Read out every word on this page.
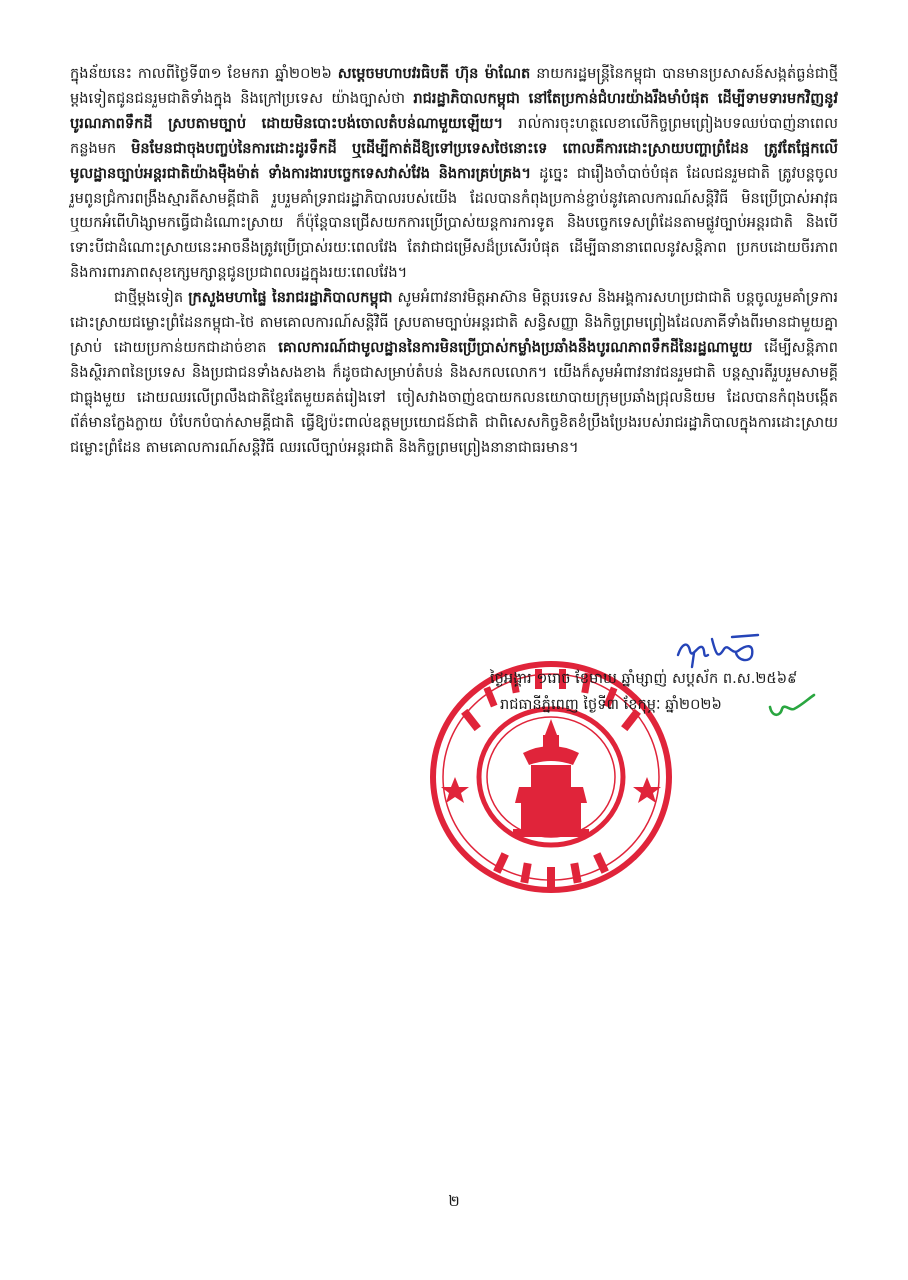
ក្នុងន័យនេះ កាលពីថ្ងៃទី៣១ ខែមករា ឆ្នាំ២០២៦ សម្ដេចមហាបវរធិបតី ហ៊ុន ម៉ាណែត នាយករដ្ឋមន្ត្រីនៃកម្ពុជា បានមានប្រសាសន៍សង្កត់ធ្ងន់ជាថ្មីម្ដងទៀតជូនជនរួមជាតិទាំងក្នុង និងក្រៅប្រទេស យ៉ាងច្បាស់ថា រាជរដ្ឋាភិបាលកម្ពុជា នៅតែប្រកាន់ជំហរយ៉ាងរឹងមាំបំផុត ដើម្បីទាមទារមកវិញនូវបូរណភាពទឹកដី ស្របតាមច្បាប់ ដោយមិនបោះបង់ចោលតំបន់ណាមួយឡើយ។ រាល់ការចុះហត្ថលេខាលើកិច្ចព្រមព្រៀងបទឈប់បាញ់នាពេលកន្លងមក មិនមែនជាចុងបញ្ចប់នៃការដោះដូរទឹកដី ឬដើម្បីកាត់ដីឱ្យទៅប្រទេសថៃនោះទេ ពោលគឺការដោះស្រាយបញ្ហាព្រំដែន ត្រូវតែផ្អែកលើមូលដ្ឋានច្បាប់អន្តរជាតិយ៉ាងម៉ឺងម៉ាត់ ទាំងការងារបច្ចេកទេសវាស់វែង និងការគ្រប់គ្រង។ ដូច្នេះ ជារឿងចាំបាច់បំផុត ដែលជនរួមជាតិ ត្រូវបន្តចូលរួមពូនជ្រំការពង្រឹងស្មារតីសាមគ្គីជាតិ រួបរួមគាំទ្ររាជរដ្ឋាភិបាលរបស់យើង ដែលបានកំពុងប្រកាន់ខ្ជាប់នូវគោលការណ៍សន្តិវិធី មិនប្រើប្រាស់អាវុធ ឬយកអំពើហិង្សាមកធ្វើជាដំណោះស្រាយ ក៏ប៉ុន្តែបានជ្រើសយកការប្រើប្រាស់យន្តការការទូត និងបច្ចេកទេសព្រំដែនតាមផ្លូវច្បាប់អន្តរជាតិ និងបើទោះបីជាដំណោះស្រាយនេះអាចនឹងត្រូវប្រើប្រាស់រយៈពេលវែង តែវាជាជម្រើសដ៏ប្រសើរបំផុត ដើម្បីធានានាពេលនូវសន្តិភាព ប្រកបដោយចីរភាព និងការពារភាពសុខក្សេមក្សាន្តជូនប្រជាពលរដ្ឋក្នុងរយៈពេលវែង។

ជាថ្មីម្ដងទៀត ក្រសួងមហាផ្ទៃ នៃរាជរដ្ឋាភិបាលកម្ពុជា សូមអំពាវនាវមិត្តអាស៊ាន មិត្តបរទេស និងអង្គការសហប្រជាជាតិ បន្តចូលរួមគាំទ្រការដោះស្រាយជម្លោះព្រំដែនកម្ពុជា-ថៃ តាមគោលការណ៍សន្តិវិធី ស្របតាមច្បាប់អន្តរជាតិ សន្ធិសញ្ញា និងកិច្ចព្រមព្រៀងដែលភាគីទាំងពីរមានជាមួយគ្នាស្រាប់ ដោយប្រកាន់យកជាដាច់ខាត គោលការណ៍ជាមូលដ្ឋាននៃការមិនប្រើប្រាស់កម្លាំងប្រឆាំងនឹងបូរណភាពទឹកដីនៃរដ្ឋណាមួយ ដើម្បីសន្តិភាព និងស្ថិរភាពនៃប្រទេស និងប្រជាជនទាំងសងខាង ក៏ដូចជាសម្រាប់តំបន់ និងសកលលោក។ យើងក៏សូមអំពាវនាវជនរួមជាតិ បន្តស្មារតីរួបរួមសាមគ្គីជាធ្លុងមួយ ដោយឈរលើព្រលឹងជាតិខ្មែរតែមួយគត់រៀងទៅ ចៀសវាងចាញ់ឧបាយកលនយោបាយក្រុមប្រឆាំងជ្រុលនិយម ដែលបានកំពុងបង្កើតព័ត៌មានក្លែងក្លាយ បំបែកបំបាក់សាមគ្គីជាតិ ធ្វើឱ្យប៉ះពាល់ឧត្ដមប្រយោជន៍ជាតិ ជាពិសេសកិច្ចខិតខំប្រឹងប្រែងរបស់រាជរដ្ឋាភិបាលក្នុងការដោះស្រាយជម្លោះព្រំដែន តាមគោលការណ៍សន្តិវិធី ឈរលើច្បាប់អន្តរជាតិ និងកិច្ចព្រមព្រៀងនានាជាធរមាន។

ថ្ងៃអង្គារ ១រោច ខែមាឃ ឆ្នាំម្សាញ់ សប្តស័ក ព.ស.២៥៦៩
រាជធានីភ្នំពេញ ថ្ងៃទី៣ ខែកុម្ភៈ ឆ្នាំ២០២៦
២
